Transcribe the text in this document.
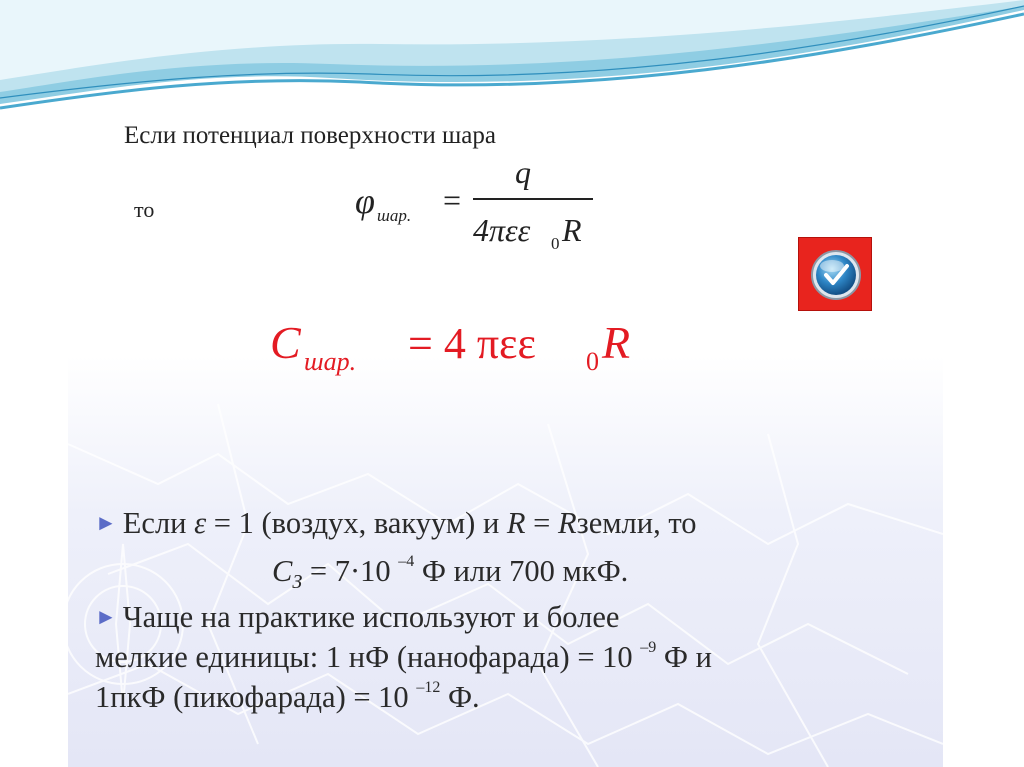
Если потенциал поверхности шара
то	φ шар. =
q
4πεε 0 R
C шар. = 4 πεε 0 R
► Если ε = 1 (воздух, вакуум) и R = Rземли, то
$С_З = 7\cdot 10$ $^{-4}$ Ф или 700 мкФ.
► Чаще на практике используют и более
мелкие единицы: 1 нФ (нанофарада) = 10 $^{-9}$ Ф и
1пкФ (пикофарада) = 10 $^{-12}$ Ф.
